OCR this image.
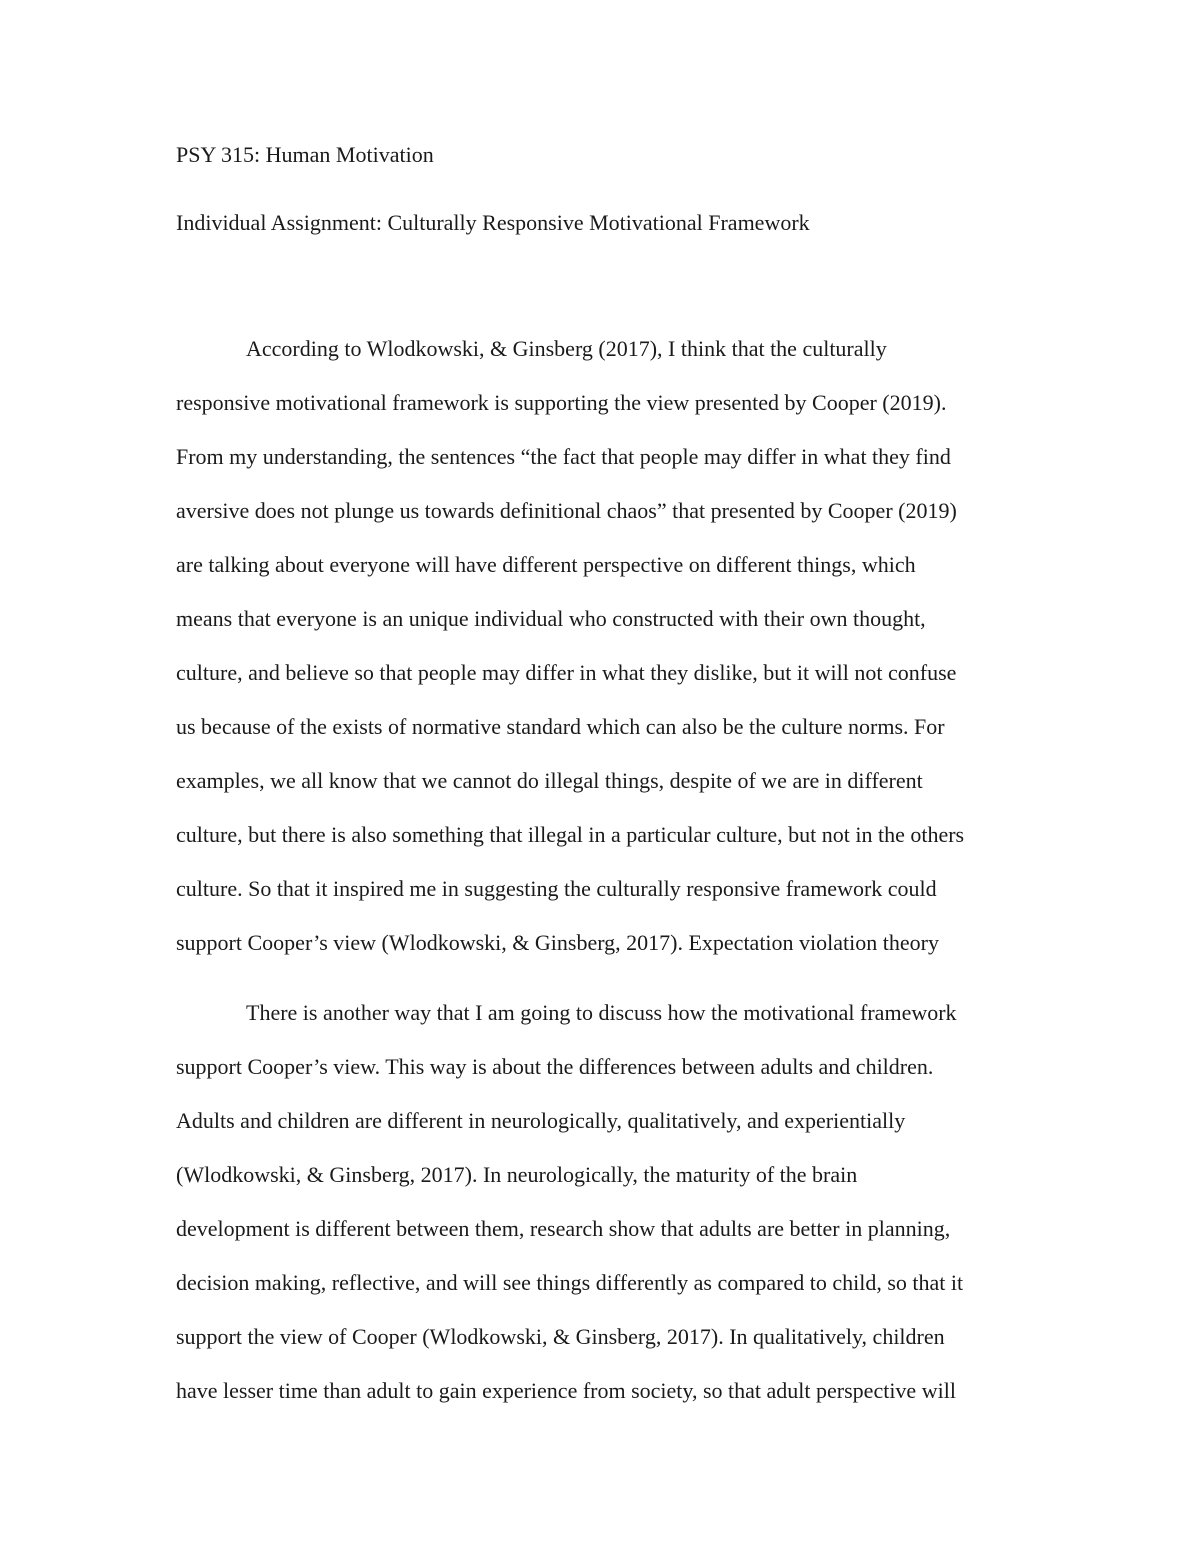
PSY 315: Human Motivation
Individual Assignment: Culturally Responsive Motivational Framework
According to Wlodkowski, & Ginsberg (2017), I think that the culturally
responsive motivational framework is supporting the view presented by Cooper (2019).
From my understanding, the sentences “the fact that people may differ in what they find
aversive does not plunge us towards definitional chaos” that presented by Cooper (2019)
are talking about everyone will have different perspective on different things, which
means that everyone is an unique individual who constructed with their own thought,
culture, and believe so that people may differ in what they dislike, but it will not confuse
us because of the exists of normative standard which can also be the culture norms. For
examples, we all know that we cannot do illegal things, despite of we are in different
culture, but there is also something that illegal in a particular culture, but not in the others
culture. So that it inspired me in suggesting the culturally responsive framework could
support Cooper’s view (Wlodkowski, & Ginsberg, 2017). Expectation violation theory
There is another way that I am going to discuss how the motivational framework
support Cooper’s view. This way is about the differences between adults and children.
Adults and children are different in neurologically, qualitatively, and experientially
(Wlodkowski, & Ginsberg, 2017). In neurologically, the maturity of the brain
development is different between them, research show that adults are better in planning,
decision making, reflective, and will see things differently as compared to child, so that it
support the view of Cooper (Wlodkowski, & Ginsberg, 2017). In qualitatively, children
have lesser time than adult to gain experience from society, so that adult perspective will
